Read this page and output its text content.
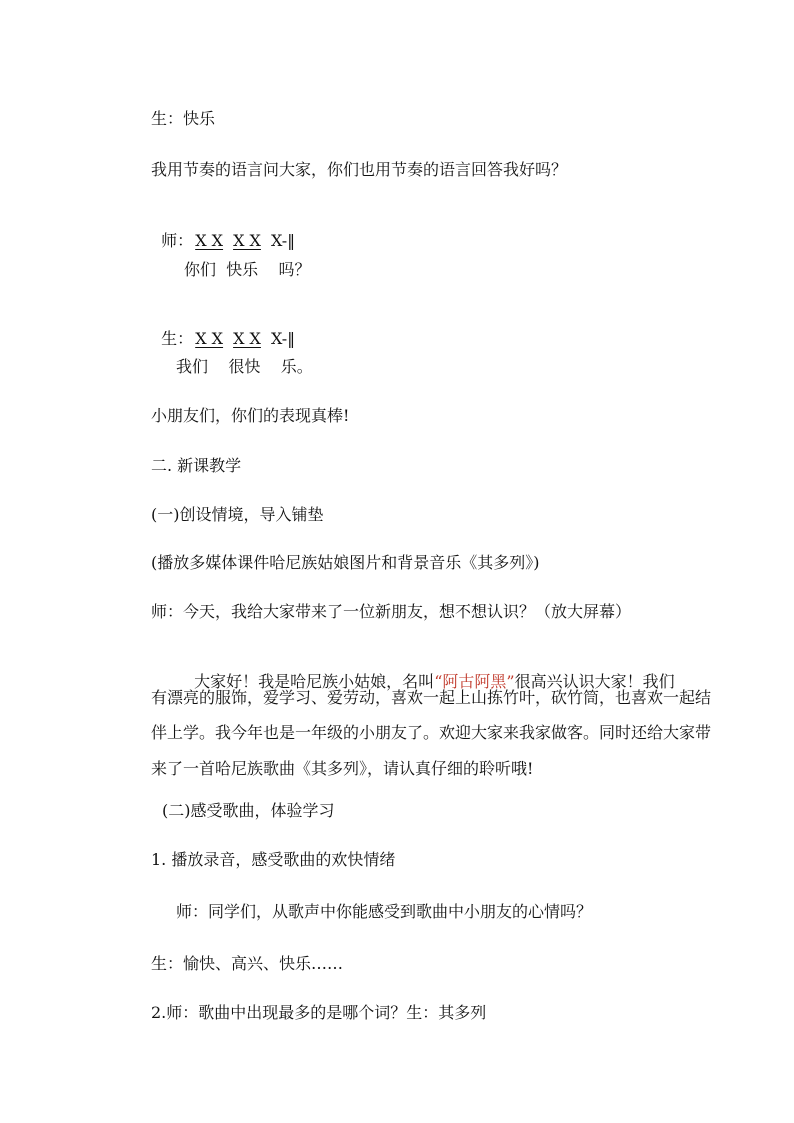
生：快乐
我用节奏的语言问大家，你们也用节奏的语言回答我好吗？

师： X X X X X-‖

你们  快乐    吗？

生： X X X X X-‖

我们    很快    乐。
小朋友们，你们的表现真棒!
二. 新课教学
(一)创设情境，导入铺垫
(播放多媒体课件哈尼族姑娘图片和背景音乐《其多列》)
师：今天，我给大家带来了一位新朋友，想不想认识？（放大屏幕）

大家好！我是哈尼族小姑娘，名叫“阿古阿黑”很高兴认识大家！我们

有漂亮的服饰，爱学习、爱劳动，喜欢一起上山拣竹叶，砍竹筒，也喜欢一起结
伴上学。我今年也是一年级的小朋友了。欢迎大家来我家做客。同时还给大家带
来了一首哈尼族歌曲《其多列》，请认真仔细的聆听哦!
(二)感受歌曲，体验学习
1. 播放录音，感受歌曲的欢快情绪
师：同学们，从歌声中你能感受到歌曲中小朋友的心情吗？
生：愉快、高兴、快乐……
2.师：歌曲中出现最多的是哪个词？生：其多列
